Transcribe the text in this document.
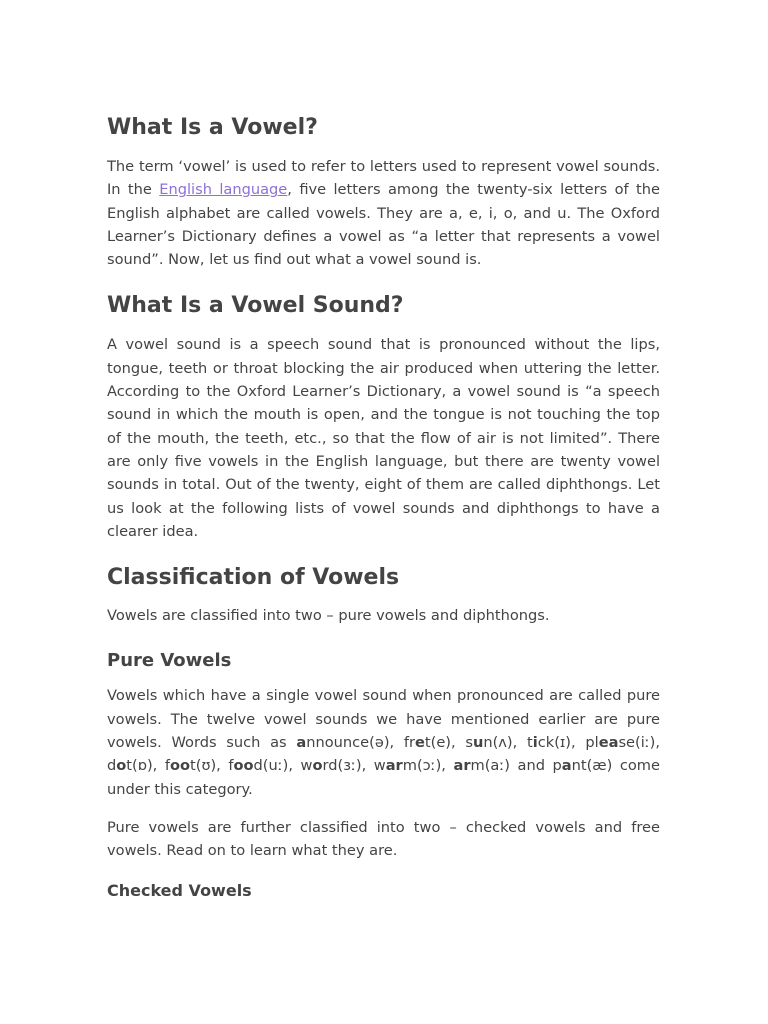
What Is a Vowel?

The term ‘vowel’ is used to refer to letters used to represent vowel sounds. In the English language, five letters among the twenty-six letters of the English alphabet are called vowels. They are a, e, i, o, and u. The Oxford Learner’s Dictionary defines a vowel as “a letter that represents a vowel sound”. Now, let us find out what a vowel sound is.

What Is a Vowel Sound?

A vowel sound is a speech sound that is pronounced without the lips, tongue, teeth or throat blocking the air produced when uttering the letter. According to the Oxford Learner’s Dictionary, a vowel sound is “a speech sound in which the mouth is open, and the tongue is not touching the top of the mouth, the teeth, etc., so that the flow of air is not limited”. There are only five vowels in the English language, but there are twenty vowel sounds in total. Out of the twenty, eight of them are called diphthongs. Let us look at the following lists of vowel sounds and diphthongs to have a clearer idea.

Classification of Vowels

Vowels are classified into two – pure vowels and diphthongs.

Pure Vowels

Vowels which have a single vowel sound when pronounced are called pure vowels. The twelve vowel sounds we have mentioned earlier are pure vowels. Words such as announce(ə), fret(e), sun(ʌ), tick(ɪ), please(iː), dot(ɒ), foot(ʊ), food(uː), word(ɜː), warm(ɔː), arm(aː) and pant(æ) come under this category.

Pure vowels are further classified into two – checked vowels and free vowels. Read on to learn what they are.

Checked Vowels
